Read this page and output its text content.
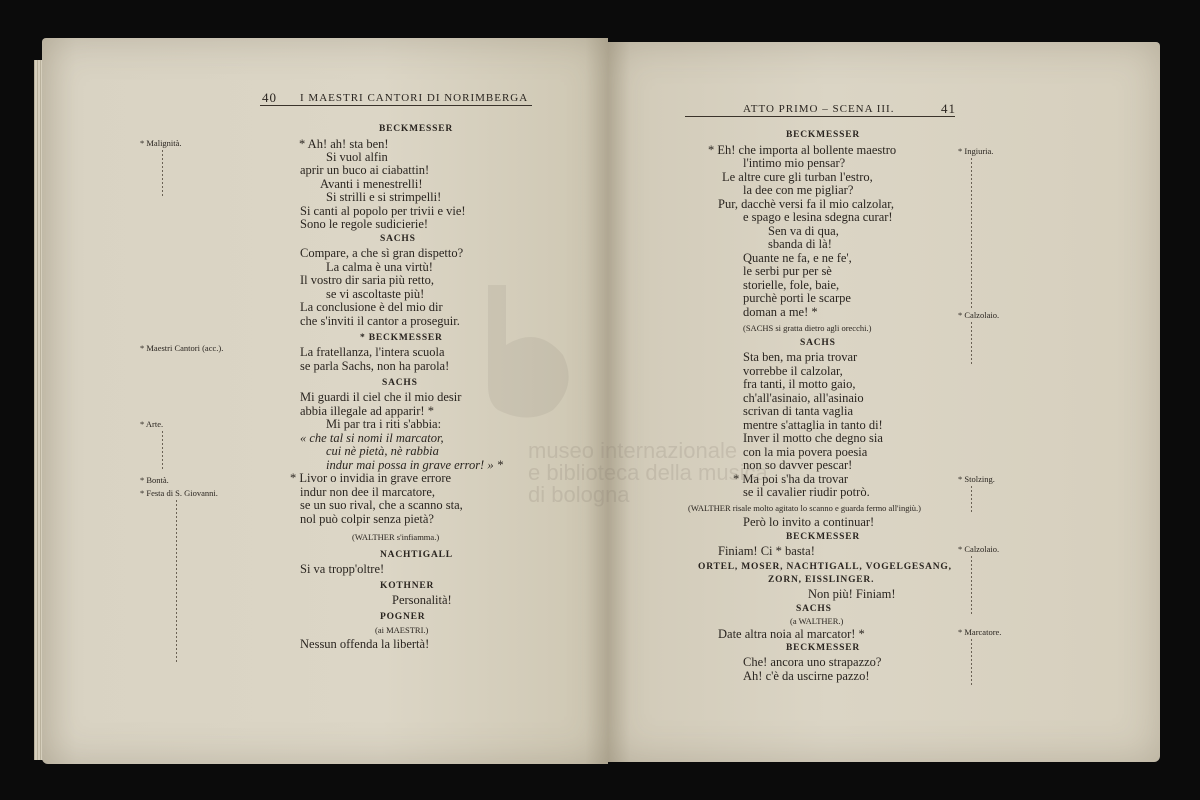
40 I MAESTRI CANTORI DI NORIMBERGA
BECKMESSER
* Ah! ah! sta ben!
Si vuol alfin
aprir un buco ai ciabattin!
Avanti i menestrelli!
Si strilli e si strimpelli!
Si canti al popolo per trivii e vie!
Sono le regole sudicierie!
SACHS
Compare, a che sì gran dispetto?
La calma è una virtù!
Il vostro dir saria più retto,
se vi ascoltaste più!
La conclusione è del mio dir
che s'inviti il cantor a proseguir.
* BECKMESSER
La fratellanza, l'intera scuola
se parla Sachs, non ha parola!
SACHS
Mi guardi il ciel che il mio desir
abbia illegale ad apparir! *
Mi par tra i riti s'abbia:
« che tal si nomi il marcator,
cui nè pietà, nè rabbia
indur mai possa in grave error! » *
* Livor o invidia in grave errore
indur non dee il marcatore,
se un suo rival, che a scanno sta,
nol può colpir senza pietà?
(WALTHER s'infiamma.)
NACHTIGALL
Si va tropp'oltre!
KOTHNER
Personalità!
POGNER
(ai MAESTRI.)
Nessun offenda la libertà!
* Malignità.
* Maestri Cantori (acc.).
* Arte.
* Bontà.
* Festa di S. Giovanni.
ATTO PRIMO – SCENA III.	41
BECKMESSER
* Eh! che importa al bollente maestro
l'intimo mio pensar?
Le altre cure gli turban l'estro,
la dee con me pigliar?
Pur, dacchè versi fa il mio calzolar,
e spago e lesina sdegna curar!
Sen va di qua,
sbanda di là!
Quante ne fa, e ne fe',
le serbi pur per sè
storielle, fole, baie,
purchè porti le scarpe
doman a me! *
(SACHS si gratta dietro agli orecchi.)
SACHS
Sta ben, ma pria trovar
vorrebbe il calzolar,
fra tanti, il motto gaio,
ch'all'asinaio, all'asinaio
scrivan di tanta vaglia
mentre s'attaglia in tanto di!
Inver il motto che degno sia
con la mia povera poesia
non so davver pescar!
* Ma poi s'ha da trovar
se il cavalier riudir potrò.
(WALTHER risale molto agitato lo scanno e guarda fermo all'ingiù.)
Però lo invito a continuar!
BECKMESSER
Finiam! Ci * basta!
ORTEL, MOSER, NACHTIGALL, VOGELGESANG,
ZORN, EISSLINGER.
Non più! Finiam!
SACHS
(a WALTHER.)
Date altra noia al marcator! *
BECKMESSER
Che! ancora uno strapazzo?
Ah! c'è da uscirne pazzo!
* Ingiuria.
* Calzolaio.
* Stolzing.
* Calzolaio.
* Marcatore.
museo internazionale
e biblioteca della musica
di bologna
